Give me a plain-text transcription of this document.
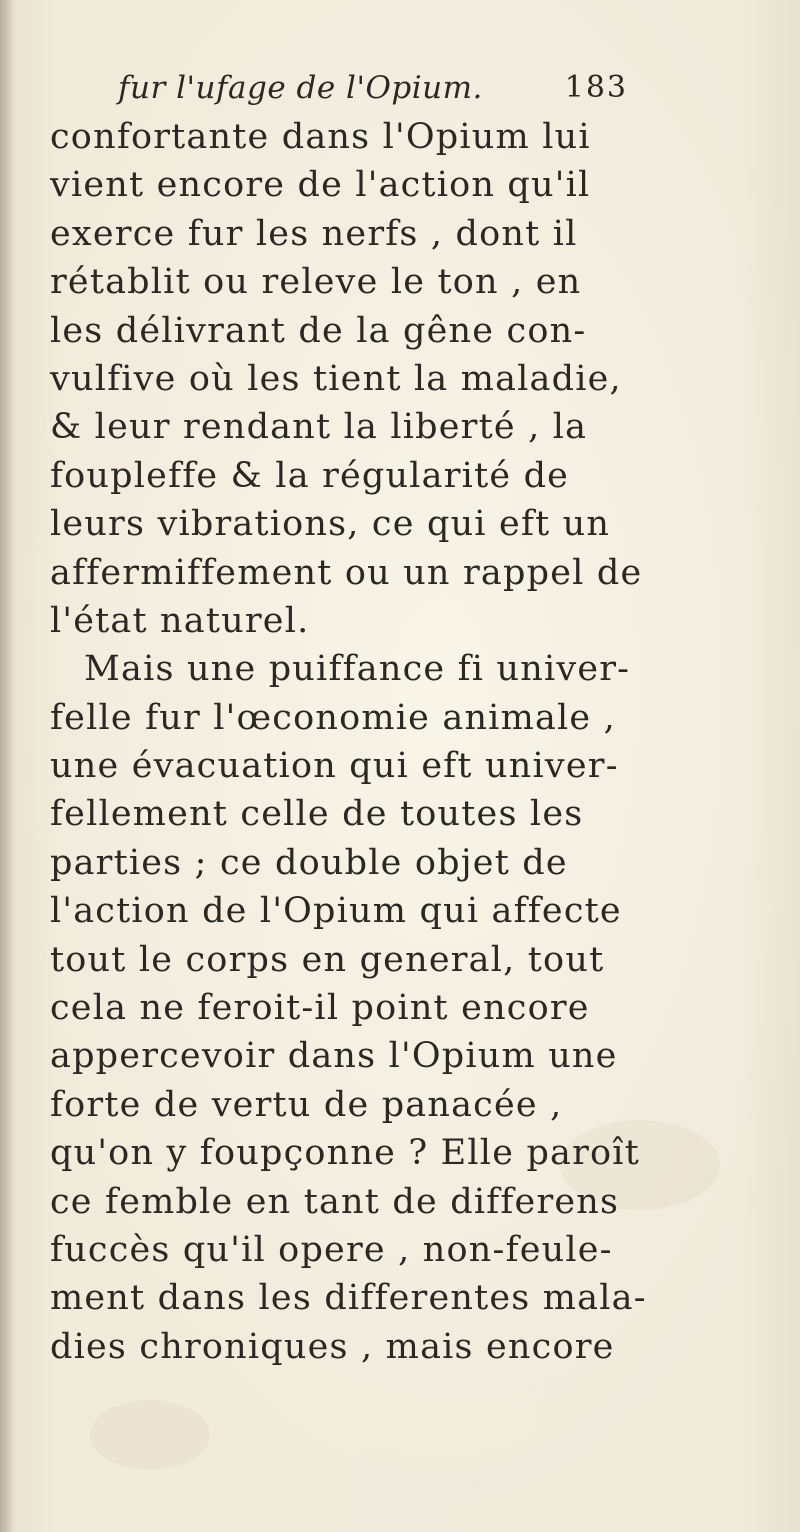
fur l'ufage de l'Opium.	183
confortante dans l'Opium lui
vient encore de l'action qu'il
exerce fur les nerfs , dont il
rétablit ou releve le ton , en
les délivrant de la gêne con-
vulfive où les tient la maladie,
& leur rendant la liberté , la
foupleffe & la régularité de
leurs vibrations, ce qui eft un
affermiffement ou un rappel de
l'état naturel.
Mais une puiffance fi univer-
felle fur l'œconomie animale ,
une évacuation qui eft univer-
fellement celle de toutes les
parties ; ce double objet de
l'action de l'Opium qui affecte
tout le corps en general, tout
cela ne feroit-il point encore
appercevoir dans l'Opium une
forte de vertu de panacée ,
qu'on y foupçonne ? Elle paroît
ce femble en tant de differens
fuccès qu'il opere , non-feule-
ment dans les differentes mala-
dies chroniques , mais encore
